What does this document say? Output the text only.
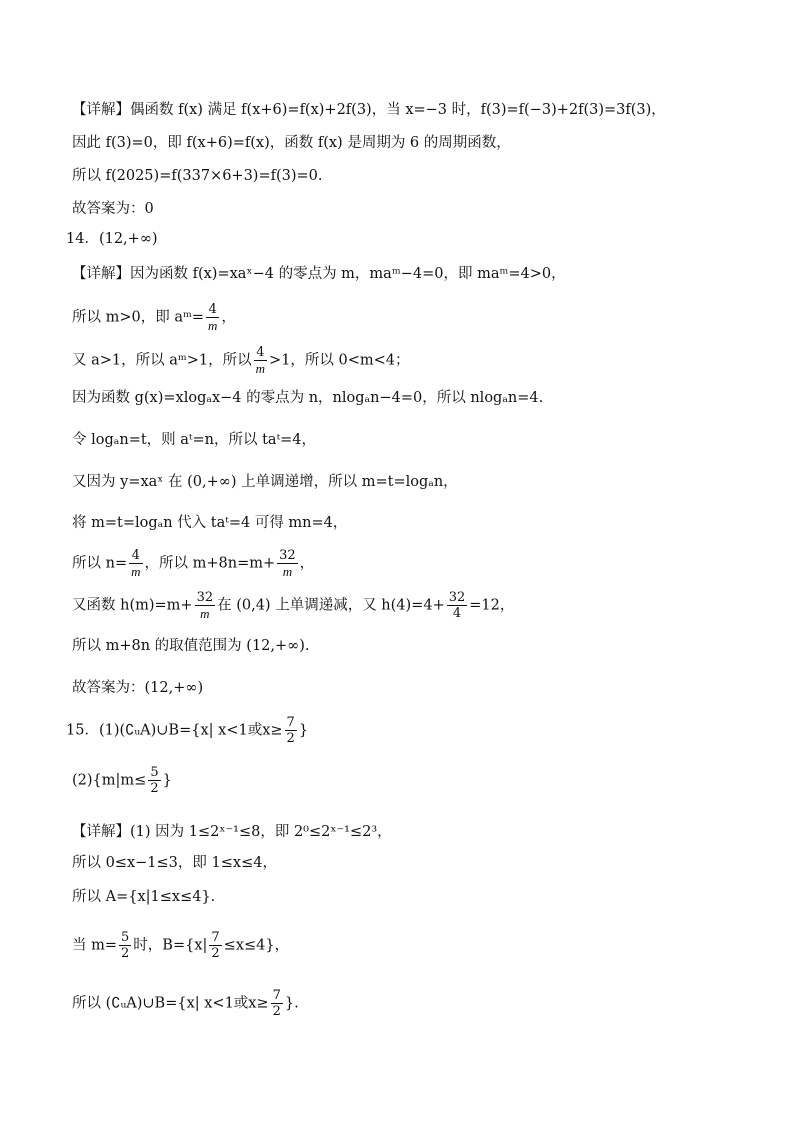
【详解】偶函数 f(x) 满足 f(x+6)=f(x)+2f(3)，当 x=−3 时，f(3)=f(−3)+2f(3)=3f(3)，
因此 f(3)=0，即 f(x+6)=f(x)，函数 f(x) 是周期为 6 的周期函数，
所以 f(2025)=f(337×6+3)=f(3)=0.
故答案为：0
14．(12,+∞)
【详解】因为函数 f(x)=xaˣ−4 的零点为 m，maᵐ−4=0，即 maᵐ=4>0，
所以 m>0，即 aᵐ= $\frac{4}{m}$ ，
又 a>1，所以 aᵐ>1，所以 $\frac{4}{m} >1$，所以 0<m<4；
因为函数 g(x)=xlogₐx−4 的零点为 n，nlogₐn−4=0，所以 nlogₐn=4.
令 logₐn=t，则 aᵗ=n，所以 taᵗ=4，
又因为 y=xaˣ 在 (0,+∞) 上单调递增，所以 m=t=logₐn，
将 m=t=logₐn 代入 taᵗ=4 可得 mn=4，
所以 $n= \frac{4}{m}$ ，所以 $m+8n=m+ \frac{32}{m}$ ，
又函数 $h(m)=m+ \frac{32}{m}$ 在 (0,4) 上单调递减，又 $h(4)=4+ \frac{32}{4} =12$，
所以 m+8n 的取值范围为 (12,+∞).
故答案为：(12,+∞)
15．(1)(∁ᵤA)∪B={x| x<1或$x\ge \frac{7}{2}$ }
$(2)\{m|m\le \frac{5}{2}$ }
【详解】(1) 因为 1≤2ˣ⁻¹≤8，即 2⁰≤2ˣ⁻¹≤2³，
所以 0≤x−1≤3，即 1≤x≤4，
所以 A={x|1≤x≤4}.
当 $m= \frac{5}{2}$ 时，$B=\{x| \frac{7}{2} \le x\le 4\}$，
所以 (∁ᵤA)∪B={x| x<1或$x\ge \frac{7}{2}$ }.
